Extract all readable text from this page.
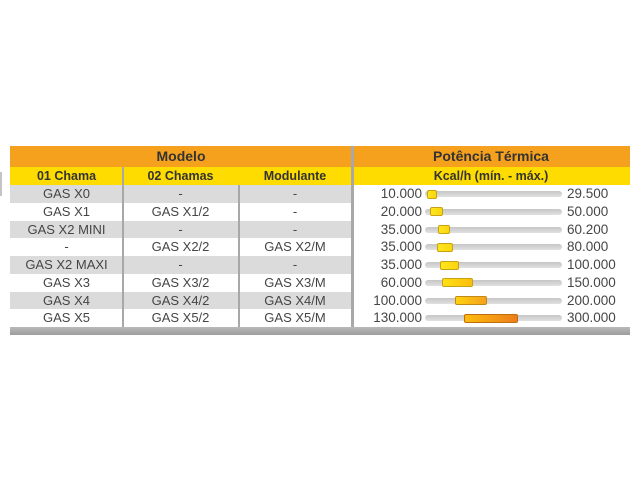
Modelo	Potência Térmica
01 Chama	02 Chamas	Modulante	Kcal/h (mín. - máx.)
GAS X0	-	-	10.000	29.500
GAS X1	GAS X1/2	-	20.000	50.000
GAS X2 MINI	-	-	35.000	60.200
-	GAS X2/2	GAS X2/M	35.000	80.000
GAS X2 MAXI	-	-	35.000	100.000
GAS X3	GAS X3/2	GAS X3/M	60.000	150.000
GAS X4	GAS X4/2	GAS X4/M	100.000	200.000
GAS X5	GAS X5/2	GAS X5/M	130.000	300.000
